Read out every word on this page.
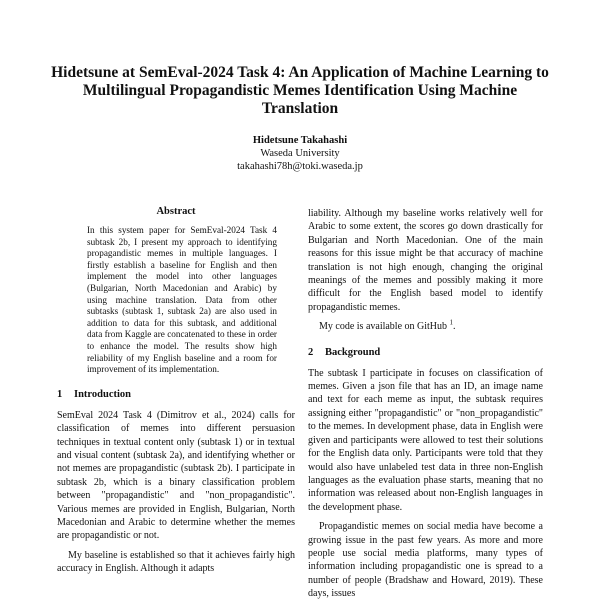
Hidetsune at SemEval-2024 Task 4: An Application of Machine Learning to
Multilingual Propagandistic Memes Identification Using Machine
Translation
Hidetsune Takahashi
Waseda University
takahashi78h@toki.waseda.jp
Abstract

In this system paper for SemEval-2024 Task 4 subtask 2b, I present my approach to identifying propagandistic memes in multiple languages. I firstly establish a baseline for English and then implement the model into other languages (Bulgarian, North Macedonian and Arabic) by using machine translation. Data from other subtasks (subtask 1, subtask 2a) are also used in addition to data for this subtask, and additional data from Kaggle are concatenated to these in order to enhance the model. The results show high reliability of my English baseline and a room for improvement of its implementation.

1 Introduction

SemEval 2024 Task 4 (Dimitrov et al., 2024) calls for classification of memes into different persuasion techniques in textual content only (subtask 1) or in textual and visual content (subtask 2a), and identifying whether or not memes are propagandistic (subtask 2b). I participate in subtask 2b, which is a binary classification problem between "propagandistic" and "non_propagandistic". Various memes are provided in English, Bulgarian, North Macedonian and Arabic to determine whether the memes are propagandistic or not.

My baseline is established so that it achieves fairly high accuracy in English. Although it adapts

liability. Although my baseline works relatively well for Arabic to some extent, the scores go down drastically for Bulgarian and North Macedonian. One of the main reasons for this issue might be that accuracy of machine translation is not high enough, changing the original meanings of the memes and possibly making it more difficult for the English based model to identify propagandistic memes.

My code is available on GitHub $^1$.

2 Background

The subtask I participate in focuses on classification of memes. Given a json file that has an ID, an image name and text for each meme as input, the subtask requires assigning either "propagandistic" or "non_propagandistic" to the memes. In development phase, data in English were given and participants were allowed to test their solutions for the English data only. Participants were told that they would also have unlabeled test data in three non-English languages as the evaluation phase starts, meaning that no information was released about non-English languages in the development phase.

Propagandistic memes on social media have become a growing issue in the past few years. As more and more people use social media platforms, many types of information including propagandistic one is spread to a number of people (Bradshaw and Howard, 2019). These days, issues
